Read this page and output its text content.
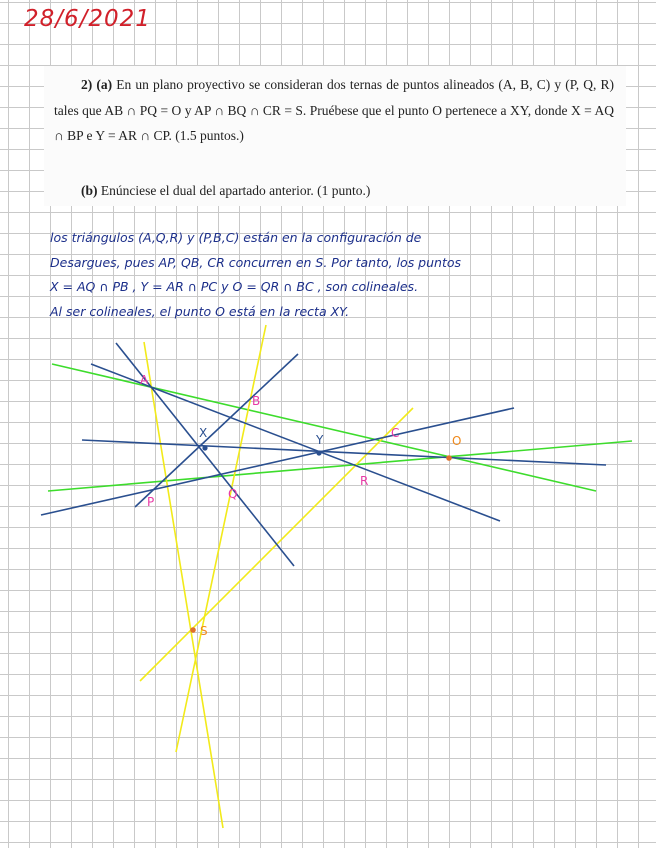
28/6/2021
2) (a) En un plano proyectivo se consideran dos ternas de puntos alineados (A, B, C) y (P, Q, R) tales que AB ∩ PQ = O y AP ∩ BQ ∩ CR = S. Pruébese que el punto O pertenece a XY, donde X = AQ ∩ BP e Y = AR ∩ CP. (1.5 puntos.)
(b) Enúnciese el dual del apartado anterior. (1 punto.)
los triángulos (A,Q,R) y (P,B,C) están en la configuración de
Desargues, pues AP, QB, CR concurren en S. Por tanto, los puntos
X = AQ ∩ PB , Y = AR ∩ PC y O = QR ∩ BC , son colineales.
Al ser colineales, el punto O está en la recta XY.
A
B
C
P
Q
R
X	Y	O
S
